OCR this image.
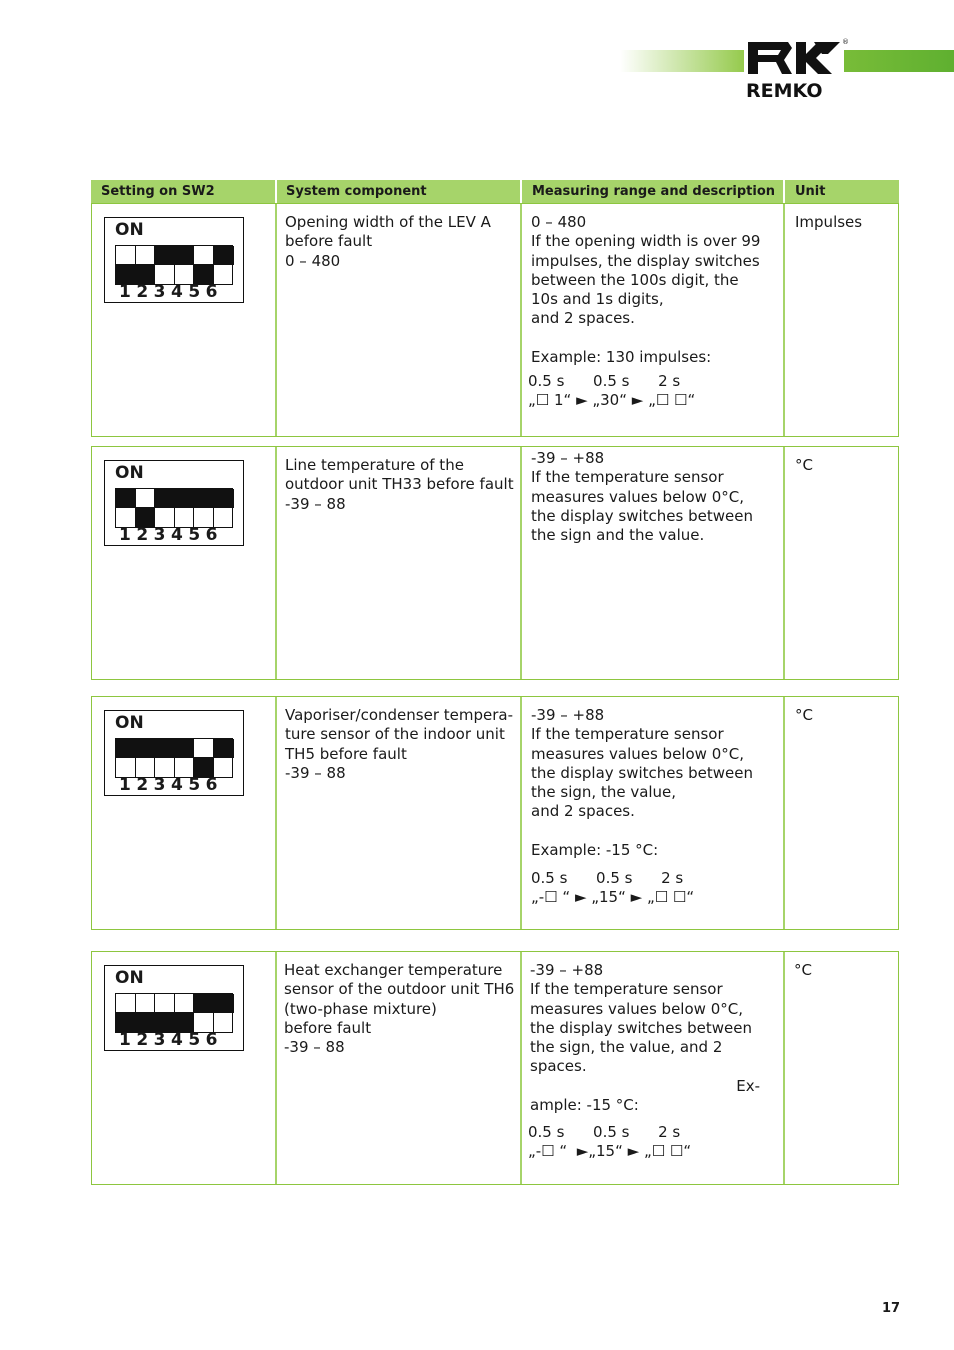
®
REMKO
Setting on SW2	System component	Measuring range and description Unit
ON
123456
Opening width of the LEV A
before fault
0 – 480
0 – 480
If the opening width is over 99
impulses, the display switches
between the 100s digit, the
10s and 1s digits,
and 2 spaces.

Example: 130 impulses:
0.5 s      0.5 s      2 s
„☐ 1“ ► „30“ ► „☐ ☐“
Impulses
ON
123456
Line temperature of the
outdoor unit TH33 before fault
-39 – 88
-39 – +88
If the temperature sensor
measures values below 0°C,
the display switches between
the sign and the value.
°C
ON
123456
Vaporiser/condenser tempera-
ture sensor of the indoor unit
TH5 before fault
-39 – 88
-39 – +88
If the temperature sensor
measures values below 0°C,
the display switches between
the sign, the value,
and 2 spaces.

Example: -15 °C:
0.5 s      0.5 s      2 s
„-☐ “ ► „15“ ► „☐ ☐“
°C
ON
123456
Heat exchanger temperature
sensor of the outdoor unit TH6
(two-phase mixture)
before fault
-39 – 88
-39 – +88
If the temperature sensor
measures values below 0°C,
the display switches between
the sign, the value, and 2
spaces.
Ex-
ample: -15 °C:
0.5 s      0.5 s      2 s
„-☐ “  ►„15“ ► „☐ ☐“
°C
17
